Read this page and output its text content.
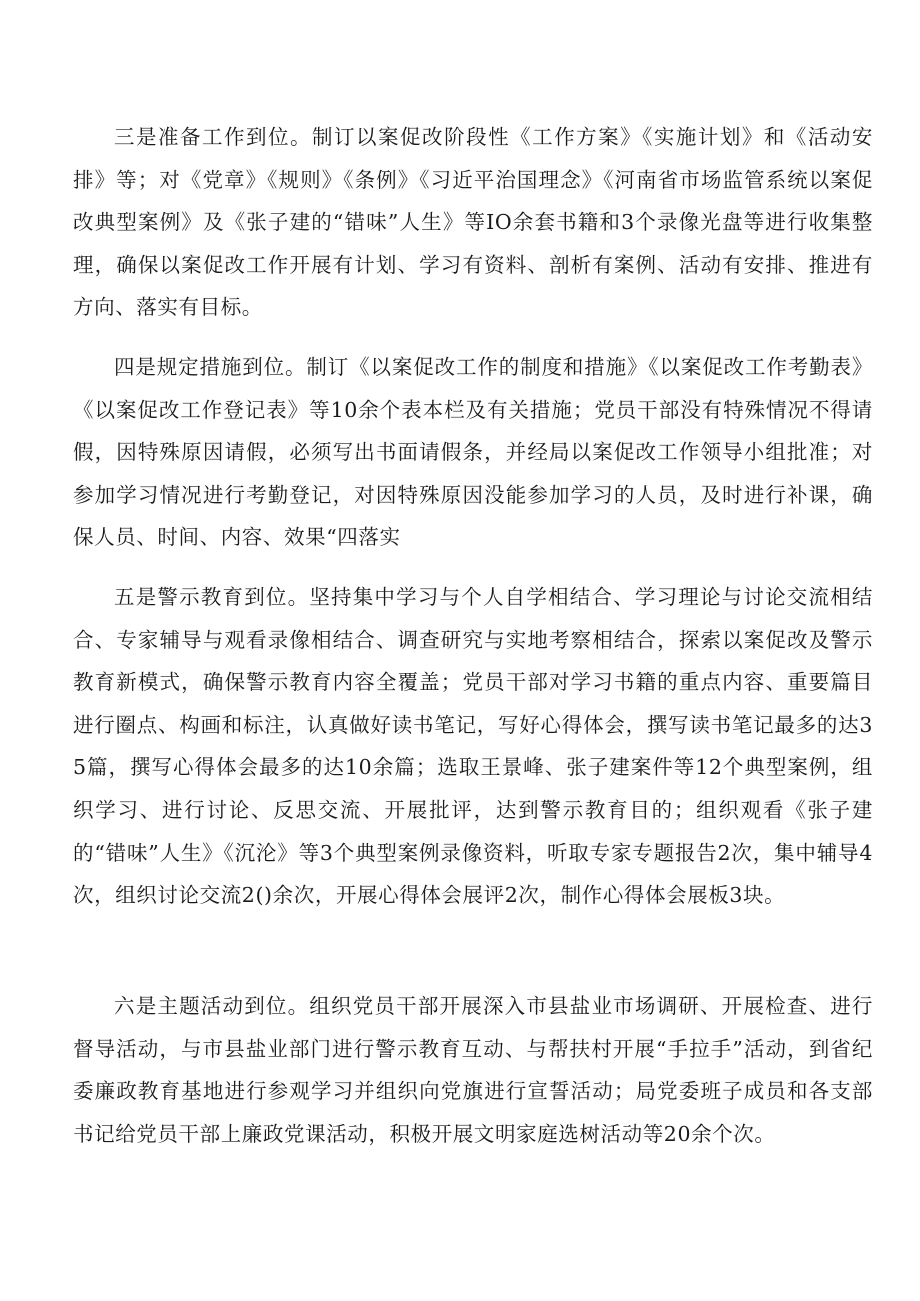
三是准备工作到位。制订以案促改阶段性《工作方案》《实施计划》和《活动安排》等；对《党章》《规则》《条例》《习近平治国理念》《河南省市场监管系统以案促改典型案例》及《张子建的“错味”人生》等IO余套书籍和3个录像光盘等进行收集整理，确保以案促改工作开展有计划、学习有资料、剖析有案例、活动有安排、推进有方向、落实有目标。

四是规定措施到位。制订《以案促改工作的制度和措施》《以案促改工作考勤表》《以案促改工作登记表》等10余个表本栏及有关措施；党员干部没有特殊情况不得请假，因特殊原因请假，必须写出书面请假条，并经局以案促改工作领导小组批准；对参加学习情况进行考勤登记，对因特殊原因没能参加学习的人员，及时进行补课，确保人员、时间、内容、效果“四落实

五是警示教育到位。坚持集中学习与个人自学相结合、学习理论与讨论交流相结合、专家辅导与观看录像相结合、调查研究与实地考察相结合，探索以案促改及警示教育新模式，确保警示教育内容全覆盖；党员干部对学习书籍的重点内容、重要篇目进行圈点、构画和标注，认真做好读书笔记，写好心得体会，撰写读书笔记最多的达35篇，撰写心得体会最多的达10余篇；选取王景峰、张子建案件等12个典型案例，组织学习、进行讨论、反思交流、开展批评，达到警示教育目的；组织观看《张子建的“错味”人生》《沉沦》等3个典型案例录像资料，听取专家专题报告2次，集中辅导4次，组织讨论交流2()余次，开展心得体会展评2次，制作心得体会展板3块。

六是主题活动到位。组织党员干部开展深入市县盐业市场调研、开展检查、进行督导活动，与市县盐业部门进行警示教育互动、与帮扶村开展“手拉手”活动，到省纪委廉政教育基地进行参观学习并组织向党旗进行宣誓活动；局党委班子成员和各支部书记给党员干部上廉政党课活动，积极开展文明家庭选树活动等20余个次。
